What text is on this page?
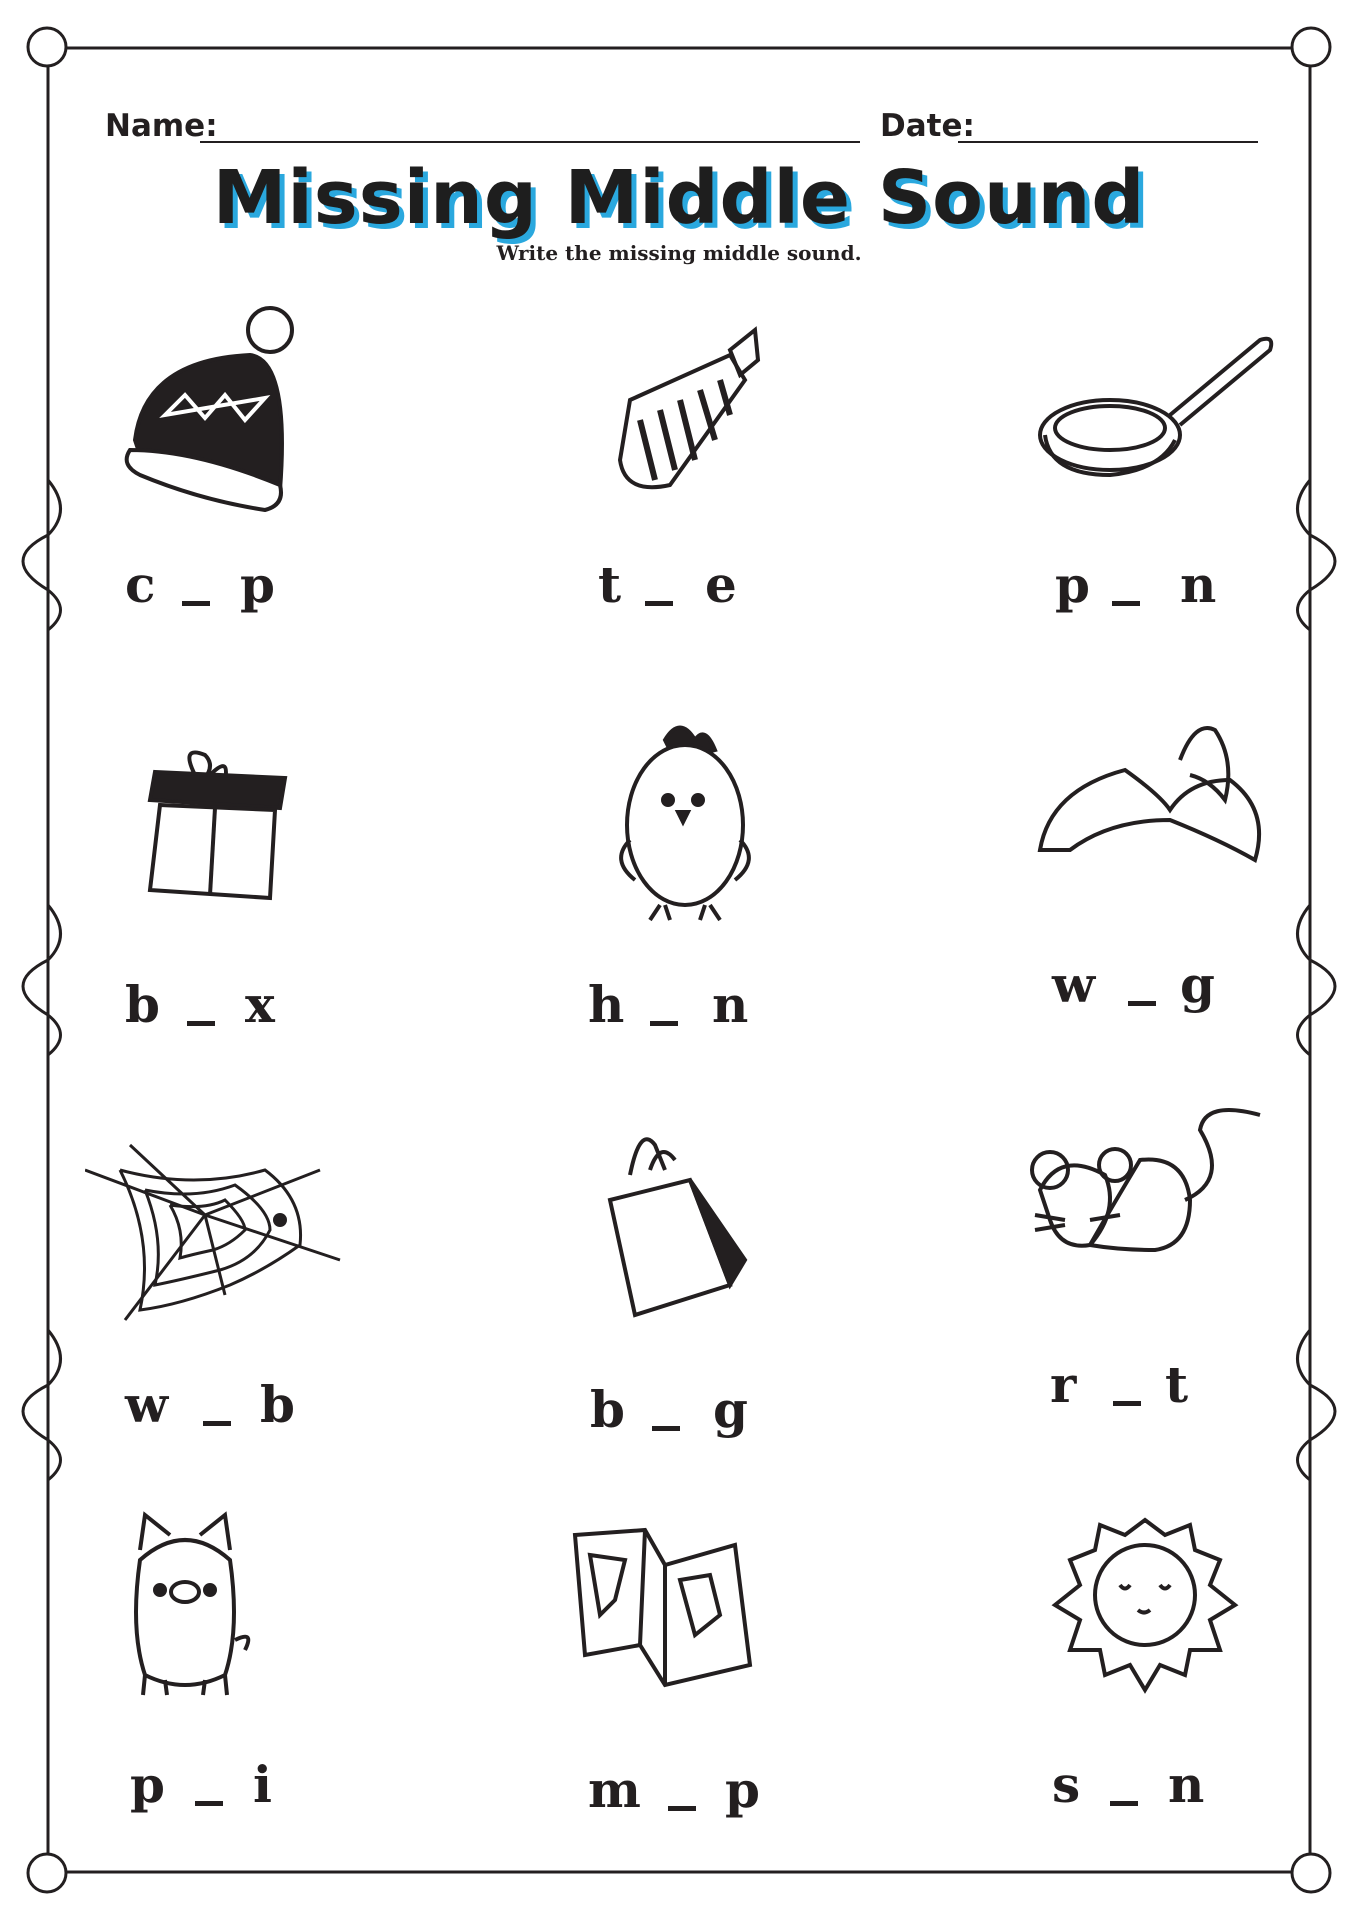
Name:	Date:
Missing Middle Sound
Write the missing middle sound.
c p	t e	p n
b x	h n	w g
w b	b g	r t
p i	m p	s n
